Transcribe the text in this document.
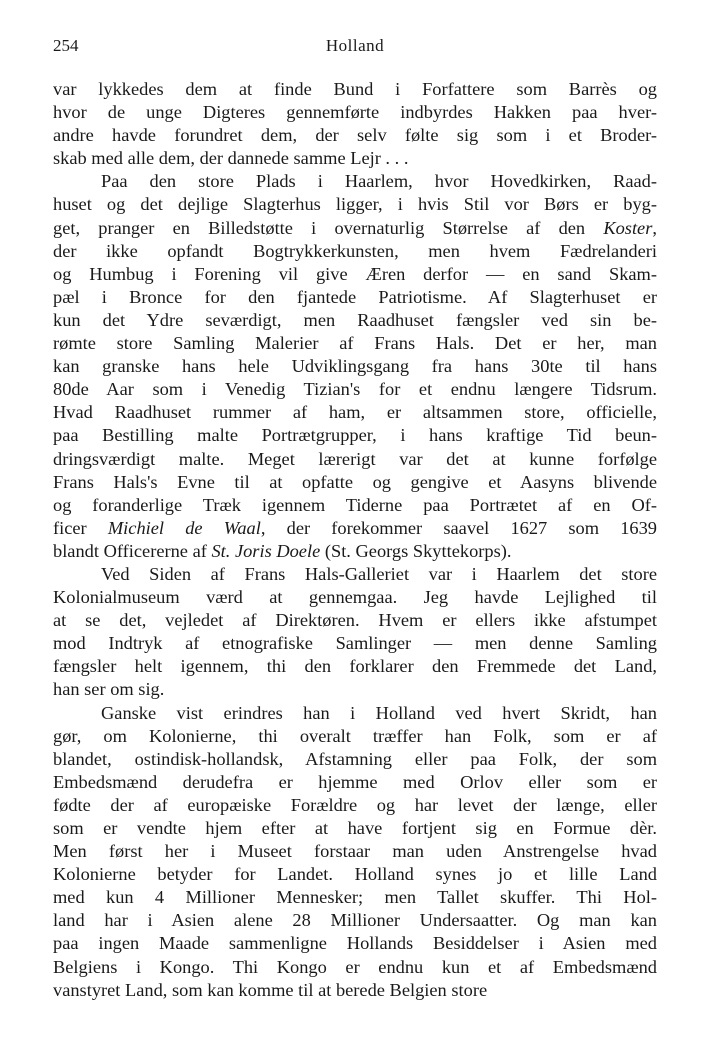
Holland
254
var lykkedes dem at finde Bund i Forfattere som Barrès og
hvor de unge Digteres gennemførte indbyrdes Hakken paa hver-
andre havde forundret dem, der selv følte sig som i et Broder-
skab med alle dem, der dannede samme Lejr . . .
Paa den store Plads i Haarlem, hvor Hovedkirken, Raad-
huset og det dejlige Slagterhus ligger, i hvis Stil vor Børs er byg-
get, pranger en Billedstøtte i overnaturlig Størrelse af den Koster,
der ikke opfandt Bogtrykkerkunsten, men hvem Fædrelanderi
og Humbug i Forening vil give Æren derfor — en sand Skam-
pæl i Bronce for den fjantede Patriotisme. Af Slagterhuset er
kun det Ydre seværdigt, men Raadhuset fængsler ved sin be-
rømte store Samling Malerier af Frans Hals. Det er her, man
kan granske hans hele Udviklingsgang fra hans 30te til hans
80de Aar som i Venedig Tizian's for et endnu længere Tidsrum.
Hvad Raadhuset rummer af ham, er altsammen store, officielle,
paa Bestilling malte Portrætgrupper, i hans kraftige Tid beun-
dringsværdigt malte. Meget lærerigt var det at kunne forfølge
Frans Hals's Evne til at opfatte og gengive et Aasyns blivende
og foranderlige Træk igennem Tiderne paa Portrætet af en Of-
ficer Michiel de Waal, der forekommer saavel 1627 som 1639
blandt Officererne af St. Joris Doele (St. Georgs Skyttekorps).
Ved Siden af Frans Hals-Galleriet var i Haarlem det store
Kolonialmuseum værd at gennemgaa. Jeg havde Lejlighed til
at se det, vejledet af Direktøren. Hvem er ellers ikke afstumpet
mod Indtryk af etnografiske Samlinger — men denne Samling
fængsler helt igennem, thi den forklarer den Fremmede det Land,
han ser om sig.
Ganske vist erindres han i Holland ved hvert Skridt, han
gør, om Kolonierne, thi overalt træffer han Folk, som er af
blandet, ostindisk-hollandsk, Afstamning eller paa Folk, der som
Embedsmænd derudefra er hjemme med Orlov eller som er
fødte der af europæiske Forældre og har levet der længe, eller
som er vendte hjem efter at have fortjent sig en Formue dèr.
Men først her i Museet forstaar man uden Anstrengelse hvad
Kolonierne betyder for Landet. Holland synes jo et lille Land
med kun 4 Millioner Mennesker; men Tallet skuffer. Thi Hol-
land har i Asien alene 28 Millioner Undersaatter. Og man kan
paa ingen Maade sammenligne Hollands Besiddelser i Asien med
Belgiens i Kongo. Thi Kongo er endnu kun et af Embedsmænd
vanstyret Land, som kan komme til at berede Belgien store
